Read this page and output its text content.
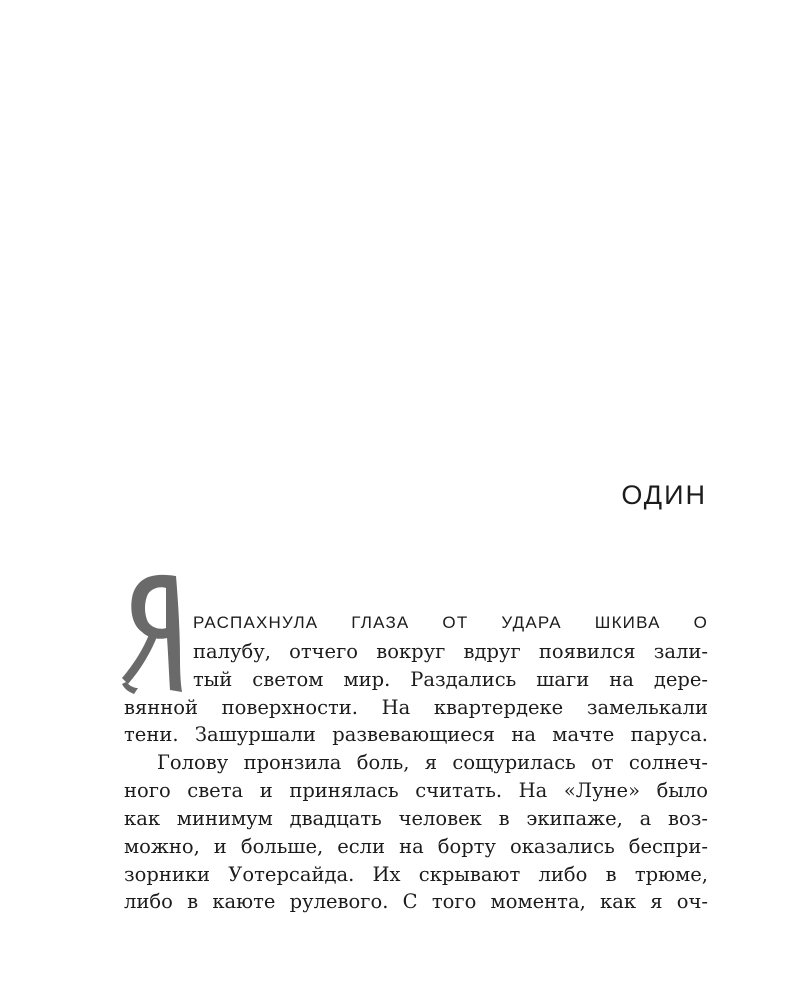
ОДИН
РАСПАХНУЛА ГЛАЗА ОТ УДАРА ШКИВА О
палубу, отчего вокруг вдруг появился зали-
тый светом мир. Раздались шаги на дере-
вянной поверхности. На квартердеке замелькали
тени. Зашуршали развевающиеся на мачте паруса.
Голову пронзила боль, я сощурилась от солнеч-
ного света и принялась считать. На «Луне» было
как минимум двадцать человек в экипаже, а воз-
можно, и больше, если на борту оказались беспри-
зорники Уотерсайда. Их скрывают либо в трюме,
либо в каюте рулевого. С того момента, как я оч-
